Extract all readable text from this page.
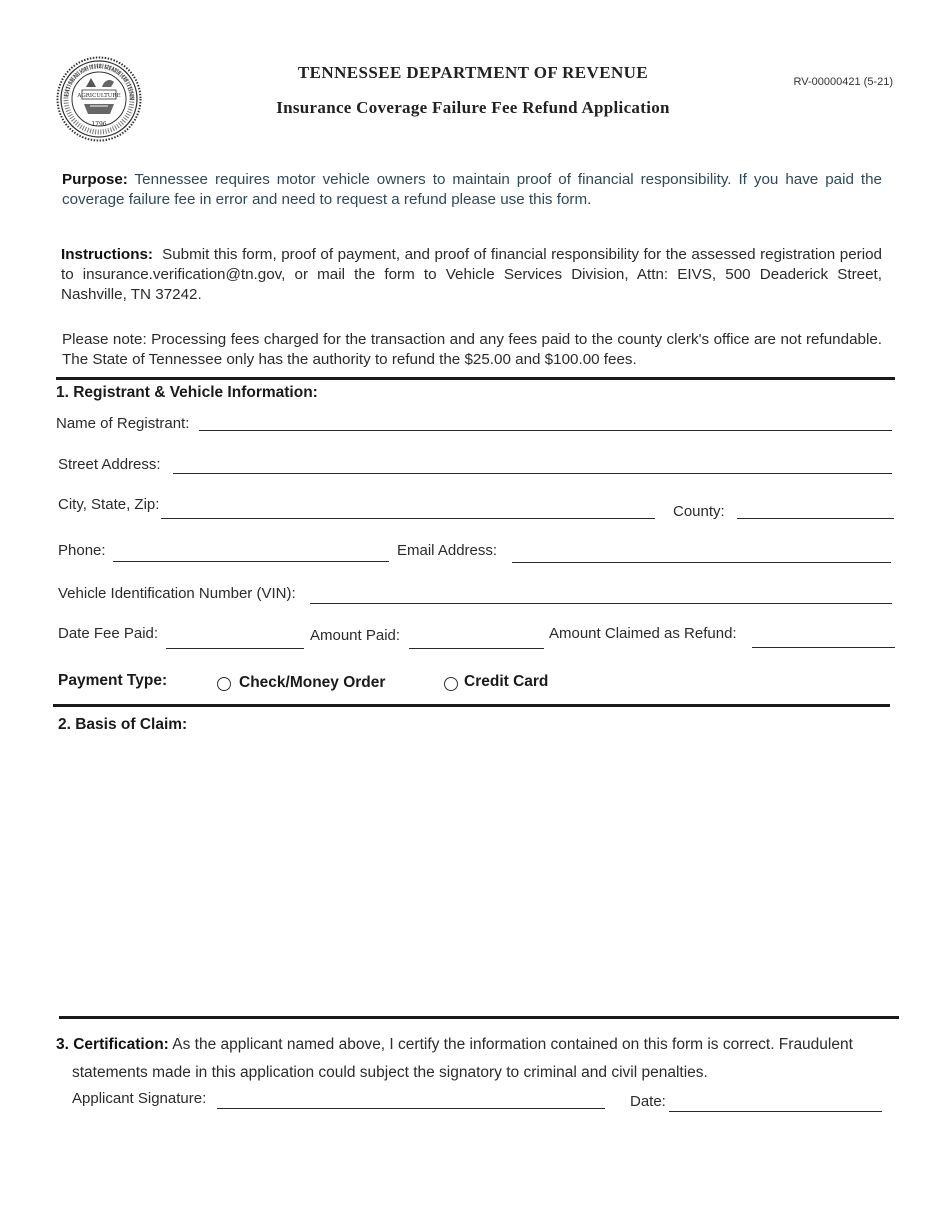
AGRICULTURE
1796
EAT SEAL OF THE STATE OF TENN
TENNESSEE DEPARTMENT OF REVENUE
Insurance Coverage Failure Fee Refund Application
RV-00000421 (5-21)
Purpose: Tennessee requires motor vehicle owners to maintain proof of financial responsibility. If you have paid the coverage failure fee in error and need to request a refund please use this form.
Instructions: Submit this form, proof of payment, and proof of financial responsibility for the assessed registration period to insurance.verification@tn.gov, or mail the form to Vehicle Services Division, Attn: EIVS, 500 Deaderick Street, Nashville, TN 37242.
Please note: Processing fees charged for the transaction and any fees paid to the county clerk's office are not refundable. The State of Tennessee only has the authority to refund the $25.00 and $100.00 fees.
1. Registrant & Vehicle Information:
Name of Registrant:
Street Address:
City, State, Zip:	County:
Phone:	Email Address:
Vehicle Identification Number (VIN):
Date Fee Paid:	Amount Paid:	Amount Claimed as Refund:
Payment Type:	Check/Money Order	Credit Card
2. Basis of Claim:
3. Certification: As the applicant named above, I certify the information contained on this form is correct. Fraudulent
statements made in this application could subject the signatory to criminal and civil penalties.
Applicant Signature:	Date:
